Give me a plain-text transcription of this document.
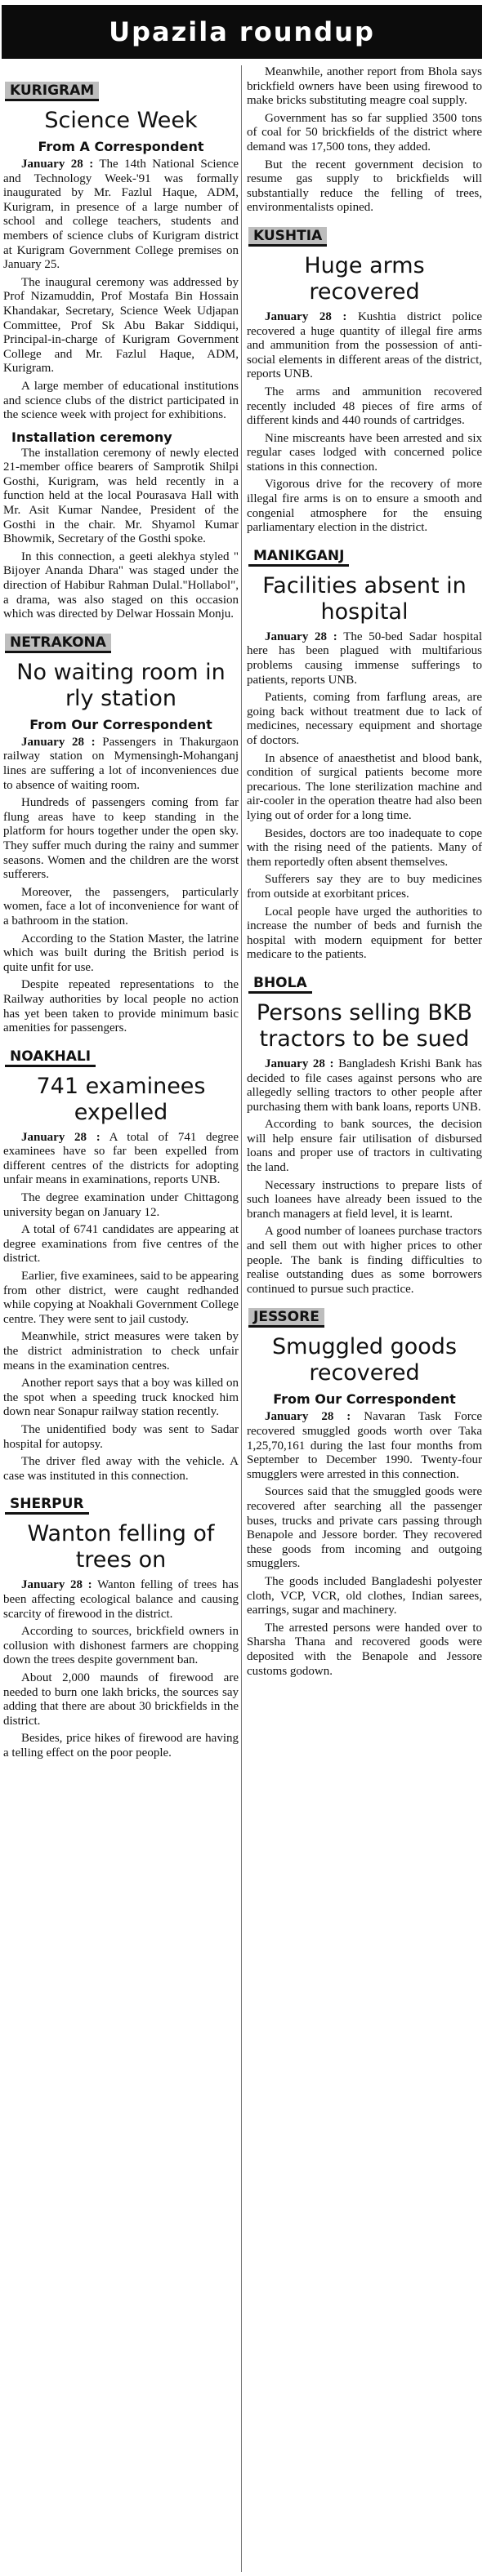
Upazila roundup
KURIGRAM
Science Week
From A Correspondent

January 28 : The 14th National Science and Technology Week-'91 was formally inaugurated by Mr. Fazlul Haque, ADM, Kurigram, in presence of a large number of school and college teachers, students and members of science clubs of Kurigram district at Kurigram Government College premises on January 25.

The inaugural ceremony was addressed by Prof Nizamuddin, Prof Mostafa Bin Hossain Khandakar, Secretary, Science Week Udjapan Committee, Prof Sk Abu Bakar Siddiqui, Principal-in-charge of Kurigram Government College and Mr. Fazlul Haque, ADM, Kurigram.

A large member of educational institutions and science clubs of the district participated in the science week with project for exhibitions.

Installation ceremony

The installation ceremony of newly elected 21-member office bearers of Samprotik Shilpi Gosthi, Kurigram, was held recently in a function held at the local Pourasava Hall with Mr. Asit Kumar Nandee, President of the Gosthi in the chair. Mr. Shyamol Kumar Bhowmik, Secretary of the Gosthi spoke.

In this connection, a geeti alekhya styled " Bijoyer Ananda Dhara" was staged under the direction of Habibur Rahman Dulal."Hollabol", a drama, was also staged on this occasion which was directed by Delwar Hossain Monju.

NETRAKONA
No waiting room in rly station
From Our Correspondent

January 28 : Passengers in Thakurgaon railway station on Mymensingh-Mohanganj lines are suffering a lot of inconveniences due to absence of waiting room.

Hundreds of passengers coming from far flung areas have to keep standing in the platform for hours together under the open sky. They suffer much during the rainy and summer seasons. Women and the children are the worst sufferers.

Moreover, the passengers, particularly women, face a lot of inconvenience for want of a bathroom in the station.

According to the Station Master, the latrine which was built during the British period is quite unfit for use.

Despite repeated representations to the Railway authorities by local people no action has yet been taken to provide minimum basic amenities for passengers.

NOAKHALI
741 examinees expelled

January 28 : A total of 741 degree examinees have so far been expelled from different centres of the districts for adopting unfair means in examinations, reports UNB.

The degree examination under Chittagong university began on January 12.

A total of 6741 candidates are appearing at degree examinations from five centres of the district.

Earlier, five examinees, said to be appearing from other district, were caught redhanded while copying at Noakhali Government College centre. They were sent to jail custody.

Meanwhile, strict measures were taken by the district administration to check unfair means in the examination centres.

Another report says that a boy was killed on the spot when a speeding truck knocked him down near Sonapur railway station recently.

The unidentified body was sent to Sadar hospital for autopsy.

The driver fled away with the vehicle. A case was instituted in this connection.

SHERPUR
Wanton felling of trees on

January 28 : Wanton felling of trees has been affecting ecological balance and causing scarcity of firewood in the district.

According to sources, brickfield owners in collusion with dishonest farmers are chopping down the trees despite government ban.

About 2,000 maunds of firewood are needed to burn one lakh bricks, the sources say adding that there are about 30 brickfields in the district.

Besides, price hikes of firewood are having a telling effect on the poor people.

Meanwhile, another report from Bhola says brickfield owners have been using firewood to make bricks substituting meagre coal supply.

Government has so far supplied 3500 tons of coal for 50 brickfields of the district where demand was 17,500 tons, they added.

But the recent government decision to resume gas supply to brickfields will substantially reduce the felling of trees, environmentalists opined.

KUSHTIA
Huge arms recovered

January 28 : Kushtia district police recovered a huge quantity of illegal fire arms and ammunition from the possession of anti-social elements in different areas of the district, reports UNB.

The arms and ammunition recovered recently included 48 pieces of fire arms of different kinds and 440 rounds of cartridges.

Nine miscreants have been arrested and six regular cases lodged with concerned police stations in this connection.

Vigorous drive for the recovery of more illegal fire arms is on to ensure a smooth and congenial atmosphere for the ensuing parliamentary election in the district.

MANIKGANJ
Facilities absent in hospital

January 28 : The 50-bed Sadar hospital here has been plagued with multifarious problems causing immense sufferings to patients, reports UNB.

Patients, coming from farflung areas, are going back without treatment due to lack of medicines, necessary equipment and shortage of doctors.

In absence of anaesthetist and blood bank, condition of surgical patients become more precarious. The lone sterilization machine and air-cooler in the operation theatre had also been lying out of order for a long time.

Besides, doctors are too inadequate to cope with the rising need of the patients. Many of them reportedly often absent themselves.

Sufferers say they are to buy medicines from outside at exorbitant prices.

Local people have urged the authorities to increase the number of beds and furnish the hospital with modern equipment for better medicare to the patients.

BHOLA
Persons selling BKB tractors to be sued

January 28 : Bangladesh Krishi Bank has decided to file cases against persons who are allegedly selling tractors to other people after purchasing them with bank loans, reports UNB.

According to bank sources, the decision will help ensure fair utilisation of disbursed loans and proper use of tractors in cultivating the land.

Necessary instructions to prepare lists of such loanees have already been issued to the branch managers at field level, it is learnt.

A good number of loanees purchase tractors and sell them out with higher prices to other people. The bank is finding difficulties to realise outstanding dues as some borrowers continued to pursue such practice.

JESSORE
Smuggled goods recovered
From Our Correspondent

January 28 : Navaran Task Force recovered smuggled goods worth over Taka 1,25,70,161 during the last four months from September to December 1990. Twenty-four smugglers were arrested in this connection.

Sources said that the smuggled goods were recovered after searching all the passenger buses, trucks and private cars passing through Benapole and Jessore border. They recovered these goods from incoming and outgoing smugglers.

The goods included Bangladeshi polyester cloth, VCP, VCR, old clothes, Indian sarees, earrings, sugar and machinery.

The arrested persons were handed over to Sharsha Thana and recovered goods were deposited with the Benapole and Jessore customs godown.
